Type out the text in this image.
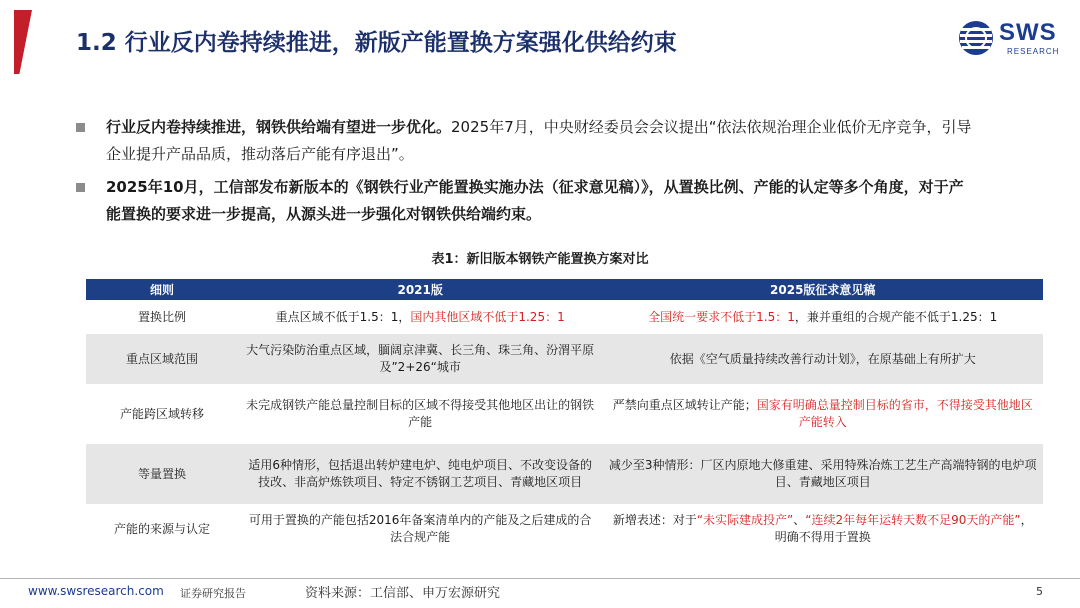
1.2 行业反内卷持续推进，新版产能置换方案强化供给约束	SWS
RESEARCH
行业反内卷持续推进，钢铁供给端有望进一步优化。2025年7月，中央财经委员会会议提出“依法依规治理企业低价无序竞争，引导企业提升产品品质，推动落后产能有序退出”。
2025年10月，工信部发布新版本的《钢铁行业产能置换实施办法（征求意见稿）》，从置换比例、产能的认定等多个角度，对于产能置换的要求进一步提高，从源头进一步强化对钢铁供给端约束。
表1：新旧版本钢铁产能置换方案对比
细则	2021版	2025版征求意见稿
置换比例	重点区域不低于1.5：1，国内其他区域不低于1.25：1	全国统一要求不低于1.5：1，兼并重组的合规产能不低于1.25：1
重点区域范围	大气污染防治重点区域，腼阔京津冀、长三角、珠三角、汾渭平原及”2+26“城市	依据《空气质量持续改善行动计划》，在原基础上有所扩大
产能跨区域转移	未完成钢铁产能总量控制目标的区域不得接受其他地区出让的钢铁产能	严禁向重点区域转让产能；国家有明确总量控制目标的省市，不得接受其他地区产能转入
等量置换	适用6种情形，包括退出转炉建电炉、纯电炉项目、不改变设备的技改、非高炉炼铁项目、特定不锈钢工艺项目、青藏地区项目	减少至3种情形：厂区内原地大修重建、采用特殊冶炼工艺生产高端特钢的电炉项目、青藏地区项目
产能的来源与认定	可用于置换的产能包括2016年备案清单内的产能及之后建成的合法合规产能	新增表述：对于“未实际建成投产”、“连续2年每年运转天数不足90天的产能”，明确不得用于置换
www.swsresearch.com 证券研究报告	资料来源：工信部、申万宏源研究	5
